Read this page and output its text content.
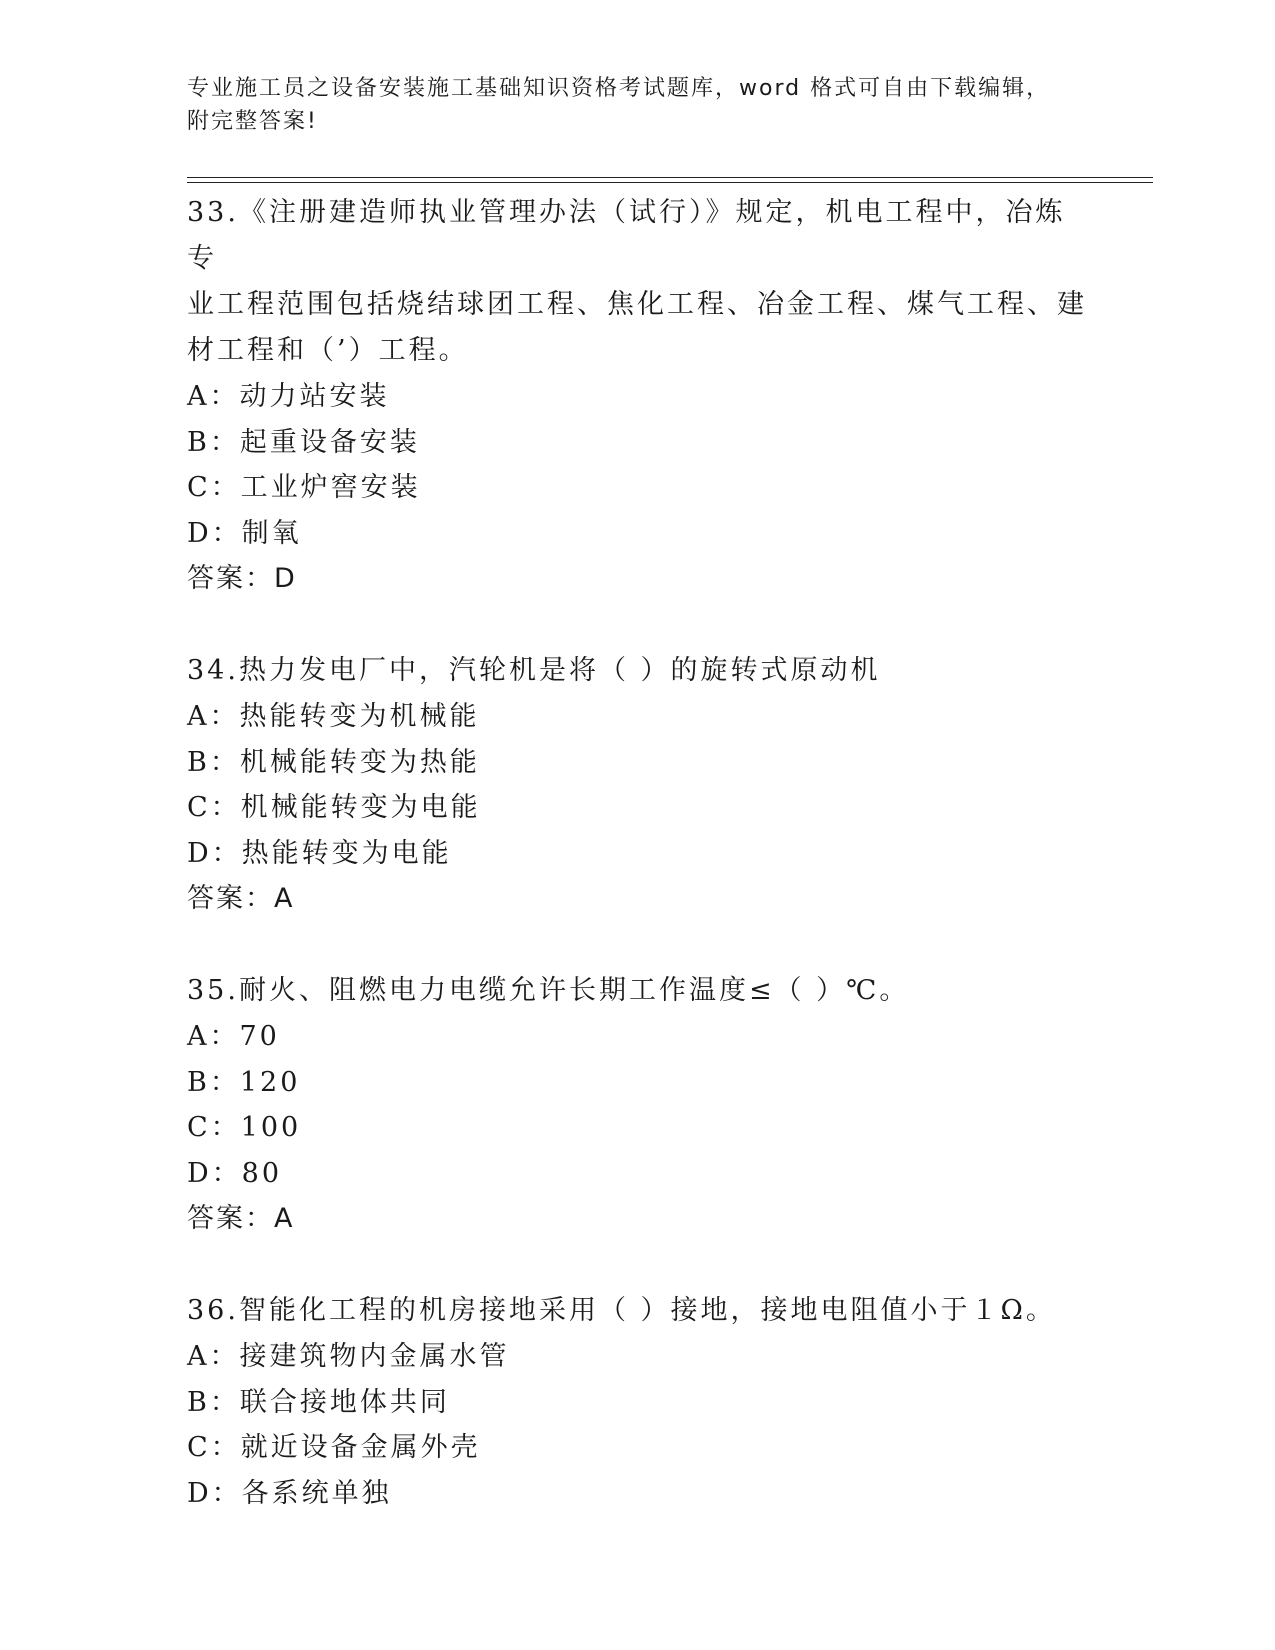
专业施工员之设备安装施工基础知识资格考试题库，word 格式可自由下载编辑，
附完整答案!
33.《注册建造师执业管理办法（试行）》规定，机电工程中，冶炼专
业工程范围包括烧结球团工程、焦化工程、冶金工程、煤气工程、建
材工程和（’）工程。
A：动力站安装
B：起重设备安装
C：工业炉窖安装
D：制氧
答案：D
34.热力发电厂中，汽轮机是将（ ）的旋转式原动机
A：热能转变为机械能
B：机械能转变为热能
C：机械能转变为电能
D：热能转变为电能
答案：A
35.耐火、阻燃电力电缆允许长期工作温度≤（ ）℃。
A：70
B：120
C：100
D：80
答案：A
36.智能化工程的机房接地采用（ ）接地，接地电阻值小于１Ω。
A：接建筑物内金属水管
B：联合接地体共同
C：就近设备金属外壳
D：各系统单独
